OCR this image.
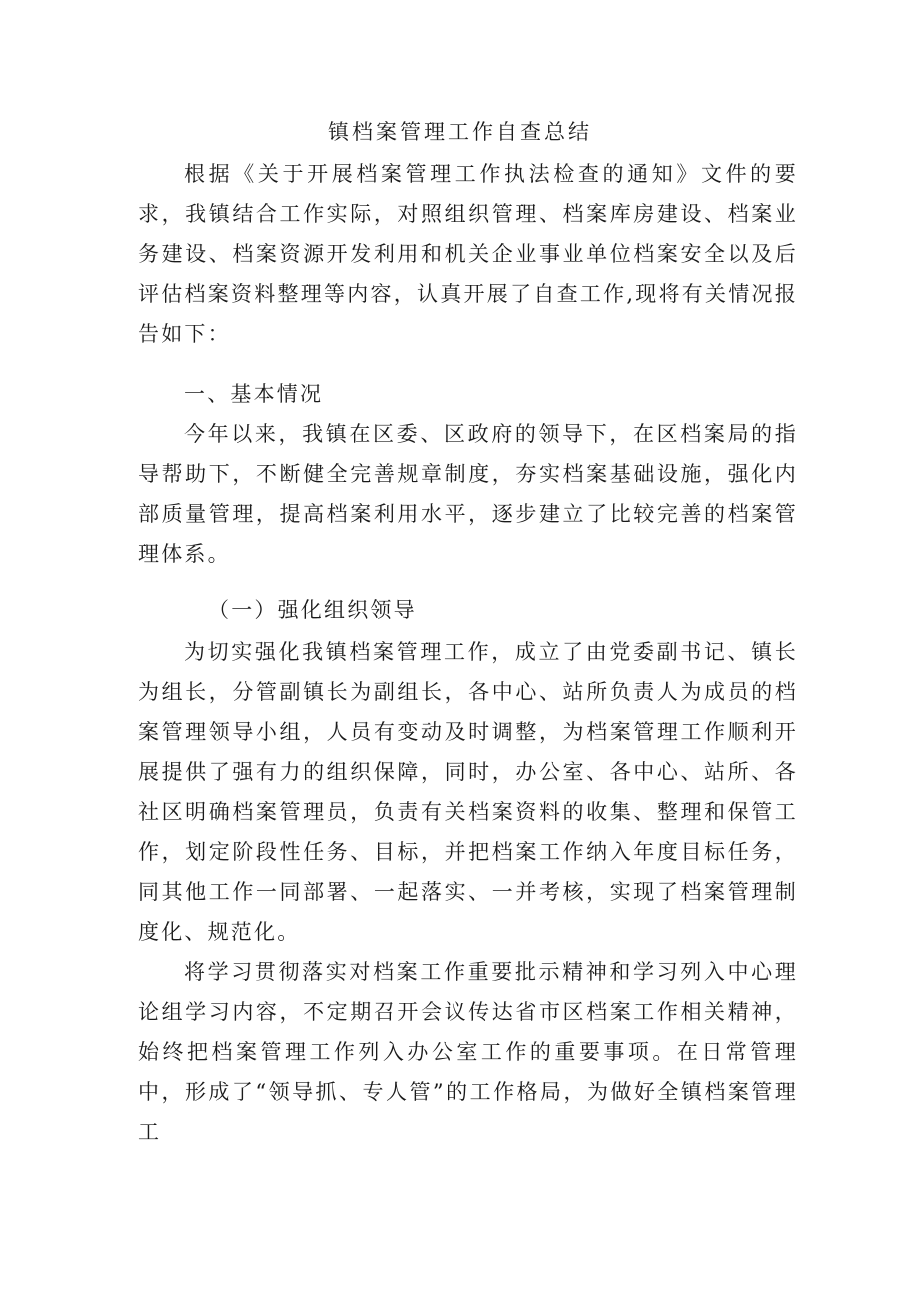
镇档案管理工作自查总结

根据《关于开展档案管理工作执法检查的通知》文件的要求，我镇结合工作实际，对照组织管理、档案库房建设、档案业务建设、档案资源开发利用和机关企业事业单位档案安全以及后评估档案资料整理等内容，认真开展了自查工作,现将有关情况报告如下：

一、基本情况

今年以来，我镇在区委、区政府的领导下，在区档案局的指导帮助下，不断健全完善规章制度，夯实档案基础设施，强化内部质量管理，提高档案利用水平，逐步建立了比较完善的档案管理体系。

（一）强化组织领导

为切实强化我镇档案管理工作，成立了由党委副书记、镇长为组长，分管副镇长为副组长，各中心、站所负责人为成员的档案管理领导小组，人员有变动及时调整，为档案管理工作顺利开展提供了强有力的组织保障，同时，办公室、各中心、站所、各社区明确档案管理员，负责有关档案资料的收集、整理和保管工作，划定阶段性任务、目标，并把档案工作纳入年度目标任务，同其他工作一同部署、一起落实、一并考核，实现了档案管理制度化、规范化。

将学习贯彻落实对档案工作重要批示精神和学习列入中心理论组学习内容，不定期召开会议传达省市区档案工作相关精神，始终把档案管理工作列入办公室工作的重要事项。在日常管理中，形成了“领导抓、专人管”的工作格局，为做好全镇档案管理工
